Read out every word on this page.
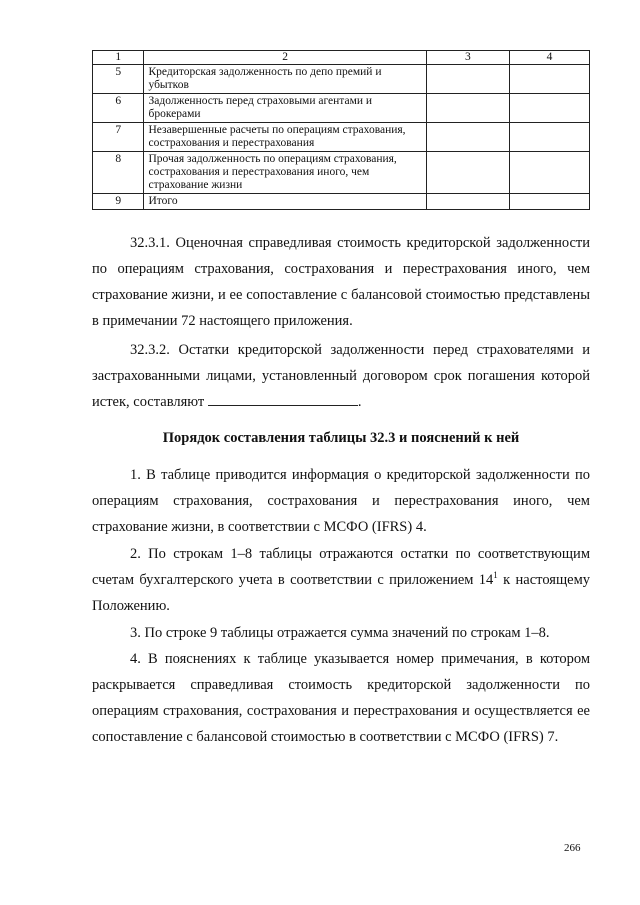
1	2	3	4
5	Кредиторская задолженность по депо премий и убытков		
6	Задолженность перед страховыми агентами и брокерами		
7	Незавершенные расчеты по операциям страхования, сострахования и перестрахования		
8	Прочая задолженность по операциям страхования, сострахования и перестрахования иного, чем страхование жизни		
9	Итого		

32.3.1. Оценочная справедливая стоимость кредиторской задолженности по операциям страхования, сострахования и перестрахования иного, чем страхование жизни, и ее сопоставление с балансовой стоимостью представлены в примечании 72 настоящего приложения.

32.3.2. Остатки кредиторской задолженности перед страхователями и застрахованными лицами, установленный договором срок погашения которой истек, составляют	.

Порядок составления таблицы 32.3 и пояснений к ней

1. В таблице приводится информация о кредиторской задолженности по операциям страхования, сострахования и перестрахования иного, чем страхование жизни, в соответствии с МСФО (IFRS) 4.

2. По строкам 1–8 таблицы отражаются остатки по соответствующим счетам бухгалтерского учета в соответствии с приложением $14^1$ к настоящему Положению.

3. По строке 9 таблицы отражается сумма значений по строкам 1–8.

4. В пояснениях к таблице указывается номер примечания, в котором раскрывается справедливая стоимость кредиторской задолженности по операциям страхования, сострахования и перестрахования и осуществляется ее сопоставление с балансовой стоимостью в соответствии с МСФО (IFRS) 7.

266
